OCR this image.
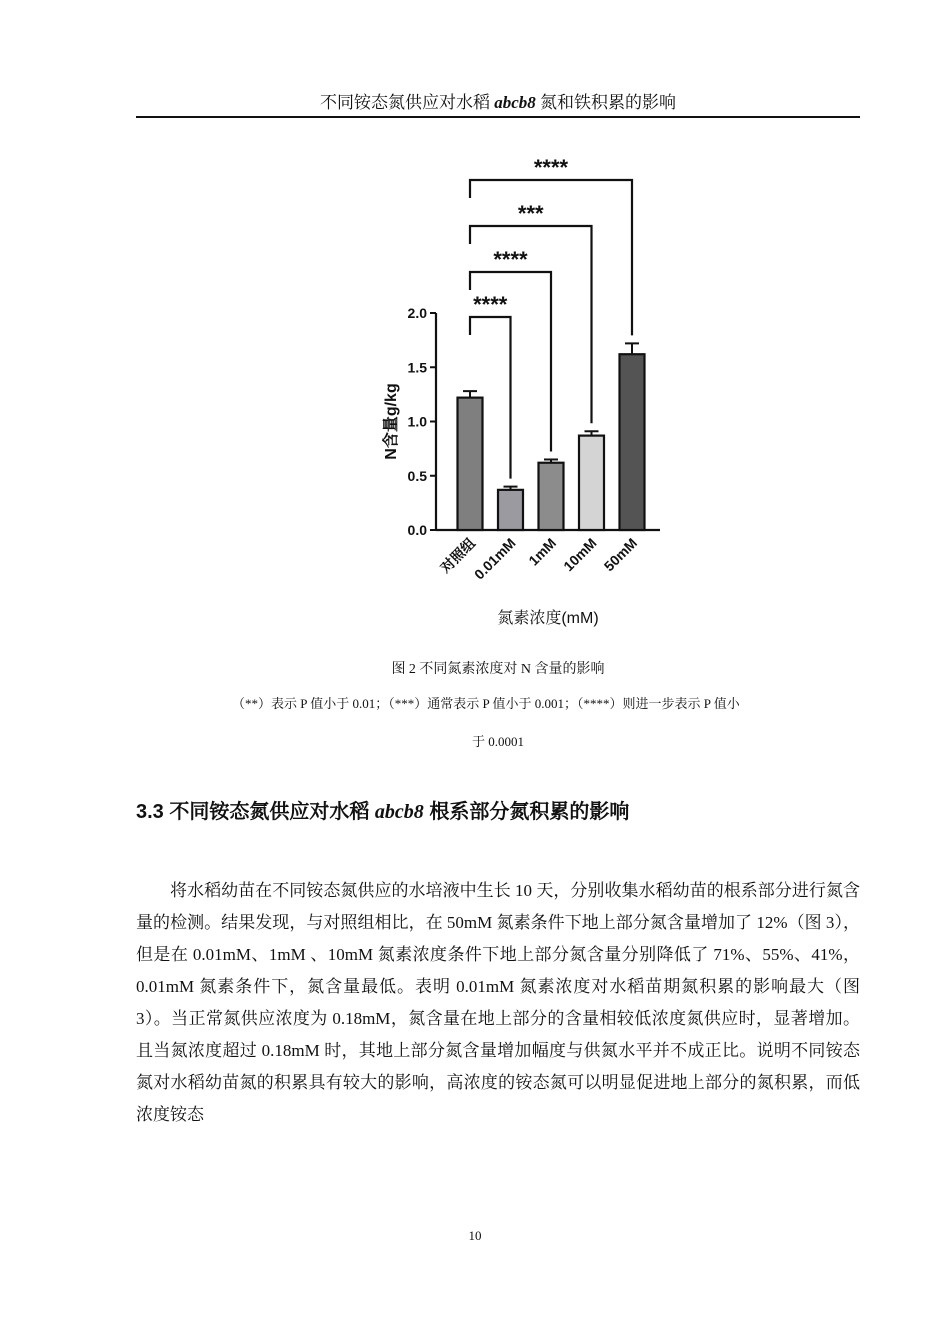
不同铵态氮供应对水稻 abcb8 氮和铁积累的影响
0.0
0.5
1.0
1.5
2.0
N含量g/kg
对照组
0.01mM 1mM 10mM 50mM
氮素浓度(mM)
****
****
***
****
图 2 不同氮素浓度对 N 含量的影响
（**）表示 P 值小于 0.01；（***）通常表示 P 值小于 0.001；（****）则进一步表示 P 值小
于 0.0001
3.3 不同铵态氮供应对水稻 abcb8 根系部分氮积累的影响
将水稻幼苗在不同铵态氮供应的水培液中生长 10 天，分别收集水稻幼苗的根系部分进行氮含量的检测。结果发现，与对照组相比，在 50mM 氮素条件下地上部分氮含量增加了 12%（图 3），但是在 0.01mM、1mM 、10mM 氮素浓度条件下地上部分氮含量分别降低了 71%、55%、41%，0.01mM 氮素条件下，氮含量最低。表明 0.01mM 氮素浓度对水稻苗期氮积累的影响最大（图 3）。当正常氮供应浓度为 0.18mM，氮含量在地上部分的含量相较低浓度氮供应时，显著增加。且当氮浓度超过 0.18mM 时，其地上部分氮含量增加幅度与供氮水平并不成正比。说明不同铵态氮对水稻幼苗氮的积累具有较大的影响，高浓度的铵态氮可以明显促进地上部分的氮积累，而低浓度铵态
10
